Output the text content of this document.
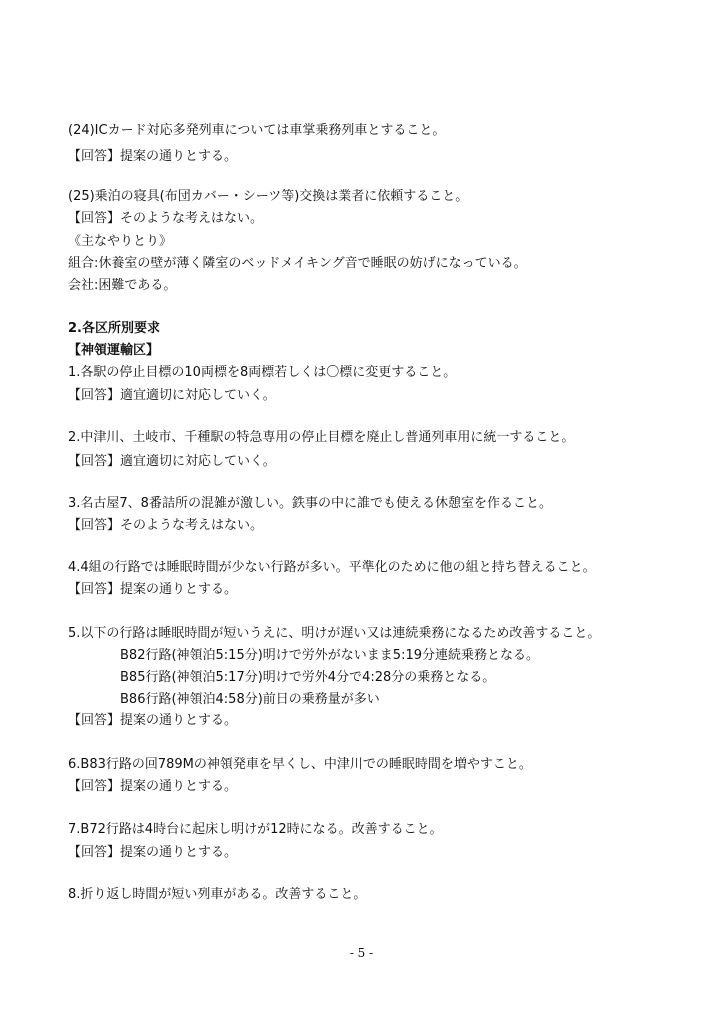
(24)ICカード対応多発列車については車掌乗務列車とすること。
【回答】提案の通りとする。
(25)乗泊の寝具(布団カバー・シーツ等)交換は業者に依頼すること。
【回答】そのような考えはない。
《主なやりとり》
組合:休養室の壁が薄く隣室のベッドメイキング音で睡眠の妨げになっている。
会社:困難である。
2.各区所別要求
【神領運輸区】
1.各駅の停止目標の10両標を8両標若しくは〇標に変更すること。
【回答】適宜適切に対応していく。
2.中津川、土岐市、千種駅の特急専用の停止目標を廃止し普通列車用に統一すること。
【回答】適宜適切に対応していく。
3.名古屋7、8番詰所の混雑が激しい。鉄事の中に誰でも使える休憩室を作ること。
【回答】そのような考えはない。
4.4組の行路では睡眠時間が少ない行路が多い。平準化のために他の組と持ち替えること。
【回答】提案の通りとする。
5.以下の行路は睡眠時間が短いうえに、明けが遅い又は連続乗務になるため改善すること。
B82行路(神領泊5:15分)明けで労外がないまま5:19分連続乗務となる。
B85行路(神領泊5:17分)明けで労外4分で4:28分の乗務となる。
B86行路(神領泊4:58分)前日の乗務量が多い
【回答】提案の通りとする。
6.B83行路の回789Mの神領発車を早くし、中津川での睡眠時間を増やすこと。
【回答】提案の通りとする。
7.B72行路は4時台に起床し明けが12時になる。改善すること。
【回答】提案の通りとする。
8.折り返し時間が短い列車がある。改善すること。
- 5 -
